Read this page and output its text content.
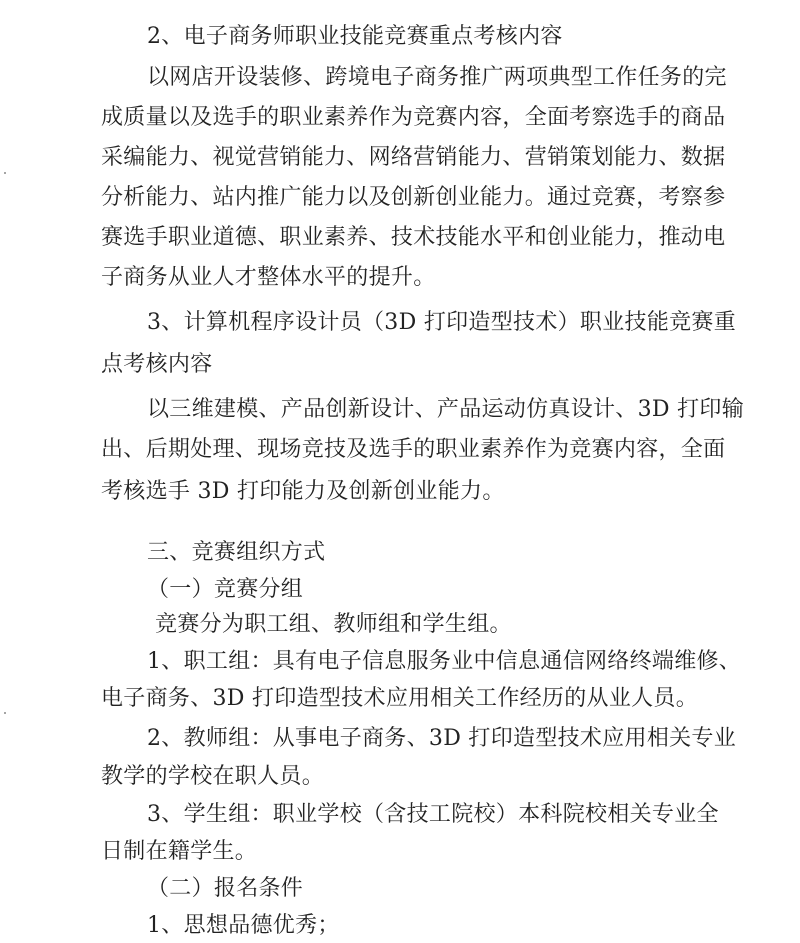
2、电子商务师职业技能竞赛重点考核内容
以网店开设装修、跨境电子商务推广两项典型工作任务的完
成质量以及选手的职业素养作为竞赛内容，全面考察选手的商品
采编能力、视觉营销能力、网络营销能力、营销策划能力、数据
分析能力、站内推广能力以及创新创业能力。通过竞赛，考察参
赛选手职业道德、职业素养、技术技能水平和创业能力，推动电
子商务从业人才整体水平的提升。
3、计算机程序设计员（3D 打印造型技术）职业技能竞赛重
点考核内容
以三维建模、产品创新设计、产品运动仿真设计、3D 打印输
出、后期处理、现场竞技及选手的职业素养作为竞赛内容，全面
考核选手 3D 打印能力及创新创业能力。
三、竞赛组织方式
（一）竞赛分组
竞赛分为职工组、教师组和学生组。
1、职工组：具有电子信息服务业中信息通信网络终端维修、
电子商务、3D 打印造型技术应用相关工作经历的从业人员。
2、教师组：从事电子商务、3D 打印造型技术应用相关专业
教学的学校在职人员。
3、学生组：职业学校（含技工院校）本科院校相关专业全
日制在籍学生。
（二）报名条件
1、思想品德优秀；
